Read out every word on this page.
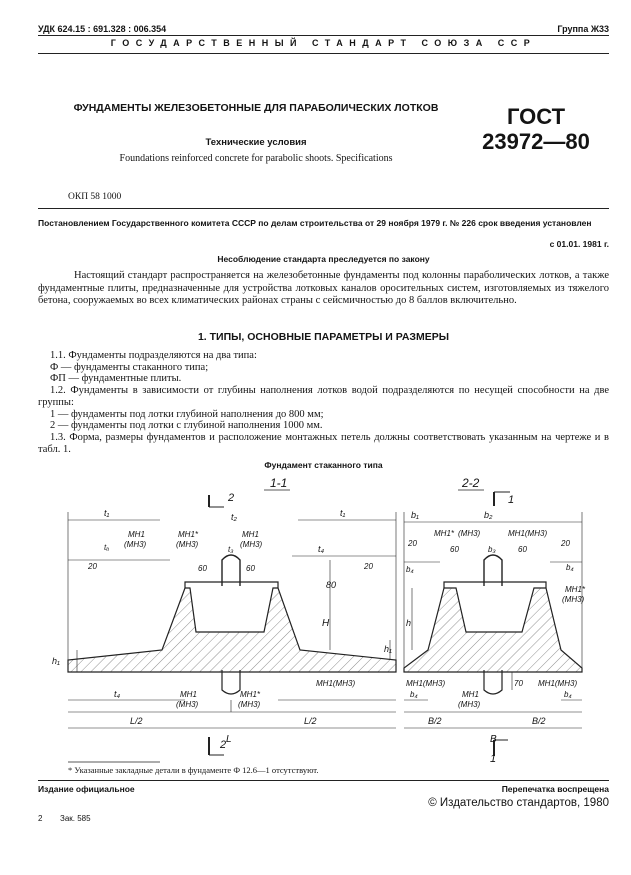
УДК 624.15 : 691.328 : 006.354	Группа Ж33
ГОСУДАРСТВЕННЫЙ СТАНДАРТ СОЮЗА ССР
ФУНДАМЕНТЫ ЖЕЛЕЗОБЕТОННЫЕ ДЛЯ ПАРАБОЛИЧЕСКИХ ЛОТКОВ
Технические условия
Foundations reinforced concrete for parabolic shoots. Specifications
ГОСТ
23972—80
ОКП 58 1000
Постановлением Государственного комитета СССР по делам строительства от 29 ноября 1979 г. № 226 срок введения установлен
с 01.01. 1981 г.
Несоблюдение стандарта преследуется по закону
Настоящий стандарт распространяется на железобетонные фундаменты под колонны параболических лотков, а также фундаментные плиты, предназначенные для устройства лотковых каналов оросительных систем, изготовляемых из тяжелого бетона, сооружаемых во всех климатических районах страны с сейсмичностью до 8 баллов включительно.
1. ТИПЫ, ОСНОВНЫЕ ПАРАМЕТРЫ И РАЗМЕРЫ
1.1. Фундаменты подразделяются на два типа:
Ф — фундаменты стаканного типа;
ФП — фундаментные плиты.
1.2. Фундаменты в зависимости от глубины наполнения лотков водой подразделяются по несущей способности на две группы:
1 — фундаменты под лотки глубиной наполнения до 800 мм;
2 — фундаменты под лотки с глубиной наполнения 1000 мм.
1.3. Форма, размеры фундаментов и расположение монтажных петель должны соответствовать указанным на чертеже и в табл. 1.
Фундамент стаканного типа
1-1
2
2
t₁	t₁
t₂
t₃	t₄
t₄
tₐ
МН1
(МН3)
МН1*
(МН3)
МН1
(МН3)
20	20
60	60
80
H
h₁
h₁
МН1
(МН3)
МН1*
(МН3)
МН1(МН3)
L/2	L/2
L
2-2
1
1
b₁	b₂
b₃
b₄	b₄
b₄	b₄
20	20
60	60
МН1* (МН3)	МН1(МН3)
МН1*
(МН3)
h
МН1(МН3)	МН1(МН3)
МН1
(МН3)
70
B/2	B/2
B
* Указанные закладные детали в фундаменте Ф 12.6—1 отсутствуют.
Издание официальное	Перепечатка воспрещена
© Издательство стандартов, 1980
2 Зак. 585
